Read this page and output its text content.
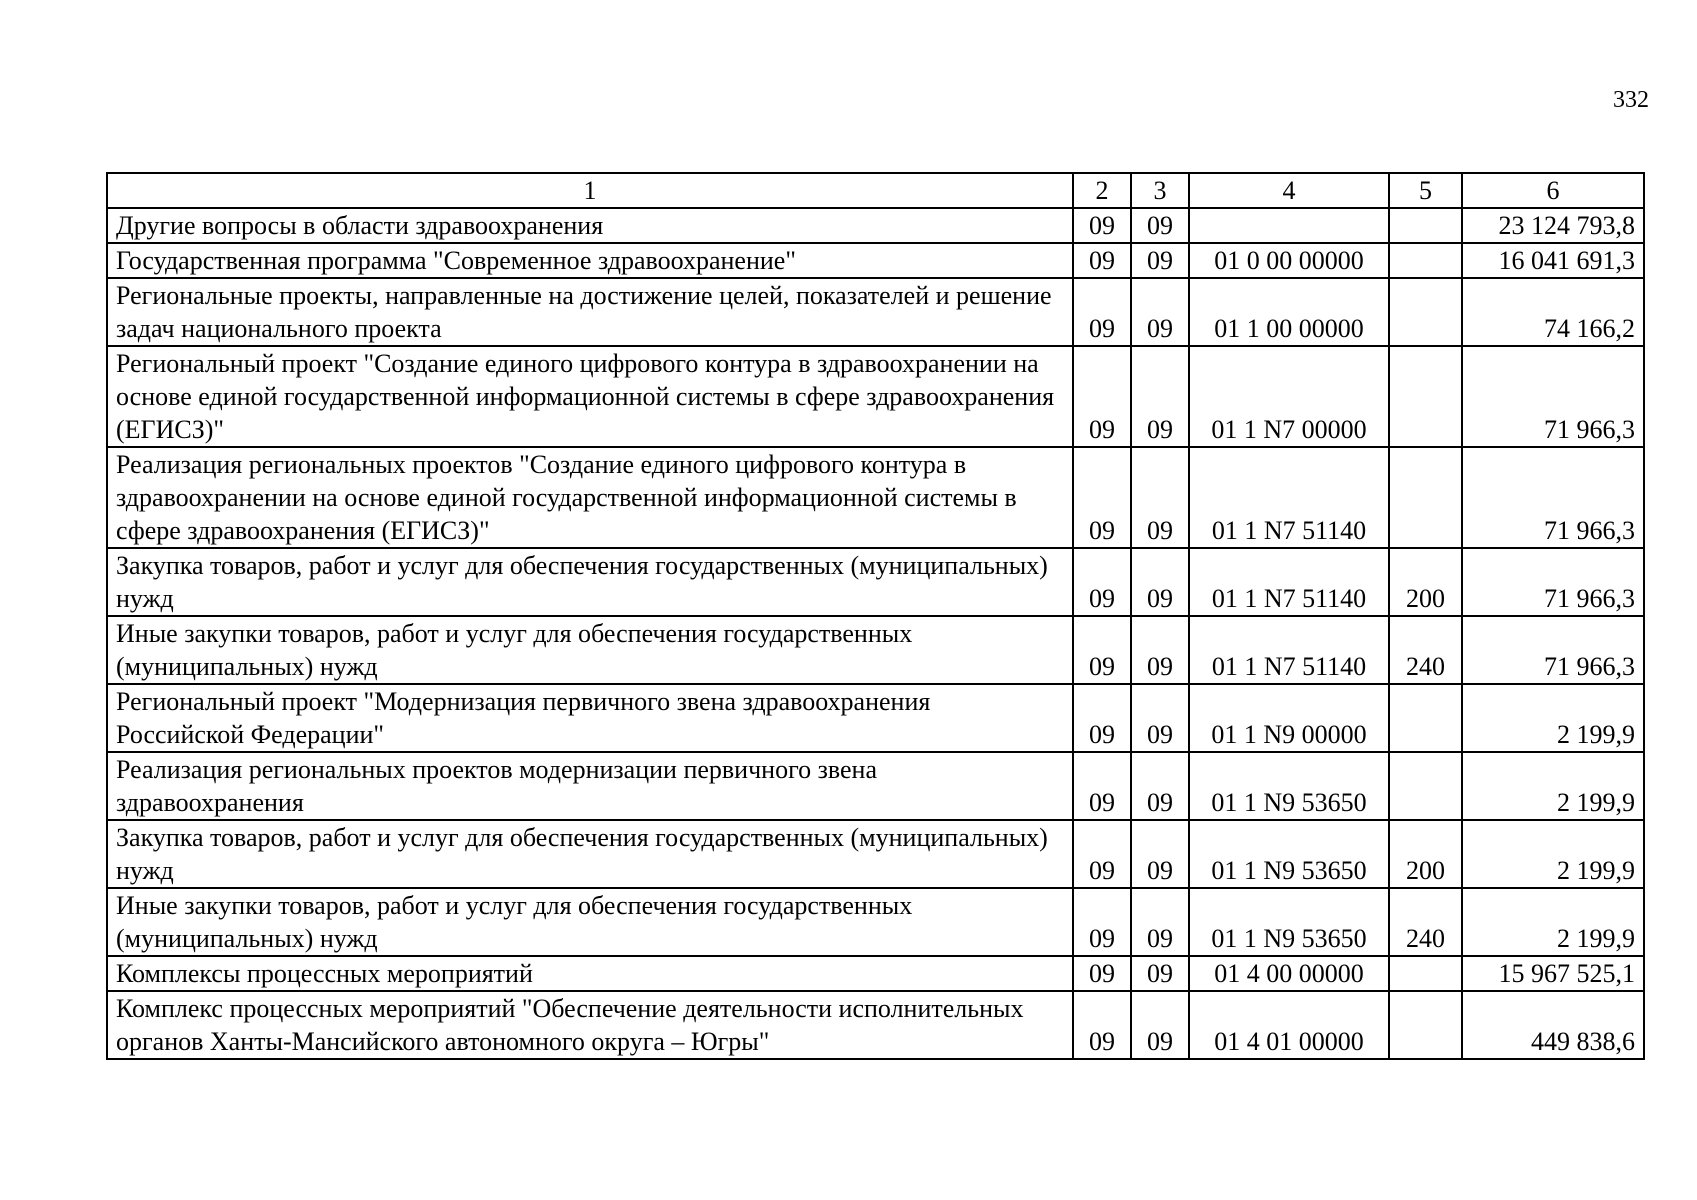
332
1	2	3	4	5	6
Другие вопросы в области здравоохранения	09	09			23 124 793,8
Государственная программа "Современное здравоохранение"	09	09	01 0 00 00000		16 041 691,3
Региональные проекты, направленные на достижение целей, показателей и решение задач национального проекта	09	09	01 1 00 00000		74 166,2
Региональный проект "Создание единого цифрового контура в здравоохранении на основе единой государственной информационной системы в сфере здравоохранения (ЕГИСЗ)"	09	09	01 1 N7 00000		71 966,3
Реализация региональных проектов "Создание единого цифрового контура в здравоохранении на основе единой государственной информационной системы в сфере здравоохранения (ЕГИСЗ)"	09	09	01 1 N7 51140		71 966,3
Закупка товаров, работ и услуг для обеспечения государственных (муниципальных) нужд	09	09	01 1 N7 51140	200	71 966,3
Иные закупки товаров, работ и услуг для обеспечения государственных (муниципальных) нужд	09	09	01 1 N7 51140	240	71 966,3
Региональный проект "Модернизация первичного звена здравоохранения Российской Федерации"	09	09	01 1 N9 00000		2 199,9
Реализация региональных проектов модернизации первичного звена здравоохранения	09	09	01 1 N9 53650		2 199,9
Закупка товаров, работ и услуг для обеспечения государственных (муниципальных) нужд	09	09	01 1 N9 53650	200	2 199,9
Иные закупки товаров, работ и услуг для обеспечения государственных (муниципальных) нужд	09	09	01 1 N9 53650	240	2 199,9
Комплексы процессных мероприятий	09	09	01 4 00 00000		15 967 525,1
Комплекс процессных мероприятий "Обеспечение деятельности исполнительных органов Ханты-Мансийского автономного округа – Югры"	09	09	01 4 01 00000		449 838,6
